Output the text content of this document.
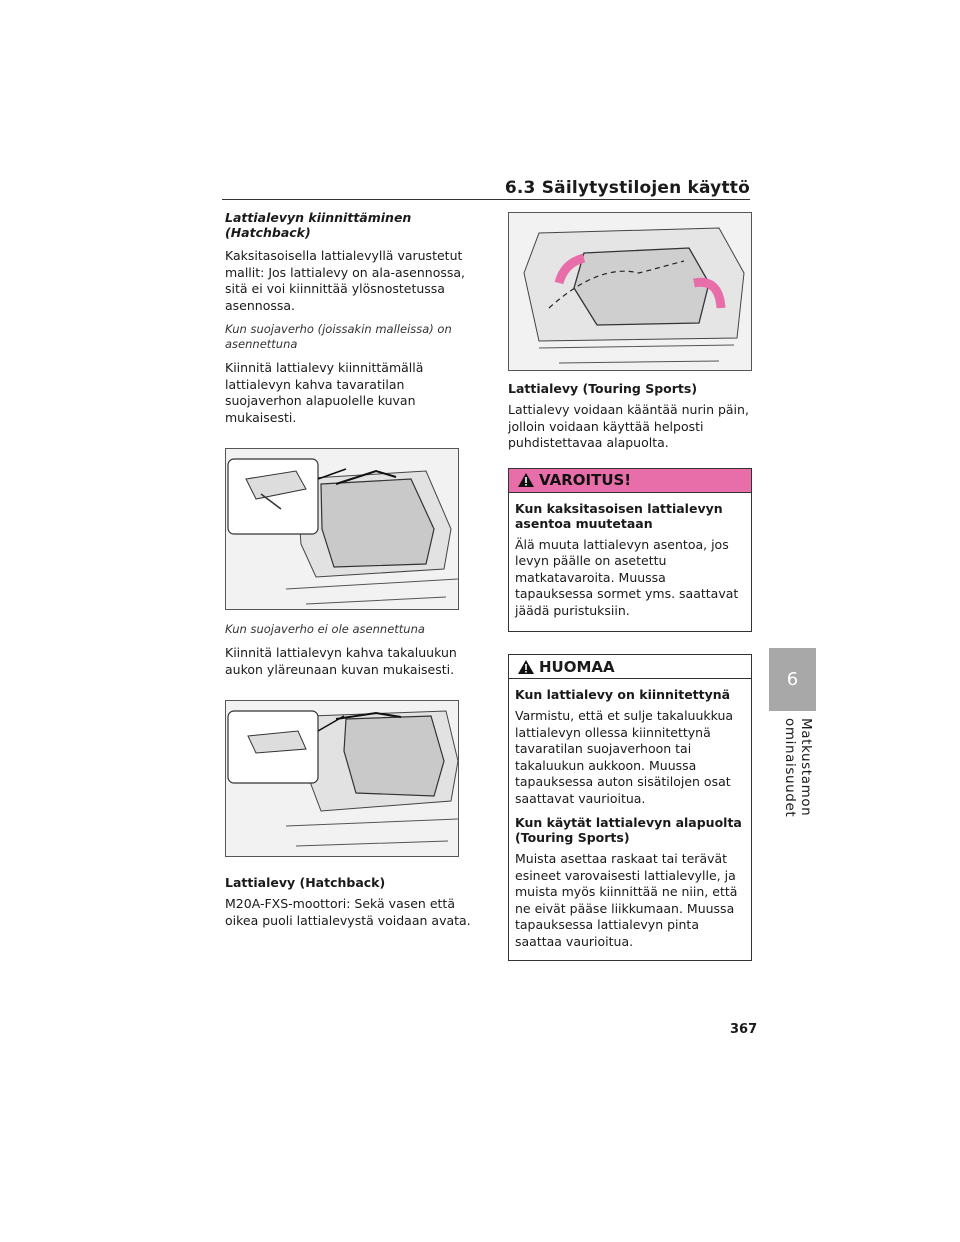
6.3 Säilytystilojen käyttö

Lattialevyn kiinnittäminen (Hatchback)

Kaksitasoisella lattialevyllä varustetut mallit: Jos lattialevy on ala-asennossa, sitä ei voi kiinnittää ylösnostetussa asennossa.

Kun suojaverho (joissakin malleissa) on asennettuna

Kiinnitä lattialevy kiinnittämällä lattialevyn kahva tavaratilan suojaverhon alapuolelle kuvan mukaisesti.

Kun suojaverho ei ole asennettuna

Kiinnitä lattialevyn kahva takaluukun aukon yläreunaan kuvan mukaisesti.

Lattialevy (Hatchback)

M20A-FXS-moottori: Sekä vasen että oikea puoli lattialevystä voidaan avata.

Lattialevy (Touring Sports)

Lattialevy voidaan kääntää nurin päin, jolloin voidaan käyttää helposti puhdistettavaa alapuolta.

VAROITUS!

Kun kaksitasoisen lattialevyn asentoa muutetaan

Älä muuta lattialevyn asentoa, jos levyn päälle on asetettu matkatavaroita. Muussa tapauksessa sormet yms. saattavat jäädä puristuksiin.

HUOMAA

Kun lattialevy on kiinnitettynä

Varmistu, että et sulje takaluukkua lattialevyn ollessa kiinnitettynä tavaratilan suojaverhoon tai takaluukun aukkoon. Muussa tapauksessa auton sisätilojen osat saattavat vaurioitua.

Kun käytät lattialevyn alapuolta (Touring Sports)

Muista asettaa raskaat tai terävät esineet varovaisesti lattialevylle, ja muista myös kiinnittää ne niin, että ne eivät pääse liikkumaan. Muussa tapauksessa lattialevyn pinta saattaa vaurioitua.

6
Matkustamon ominaisuudet
367
